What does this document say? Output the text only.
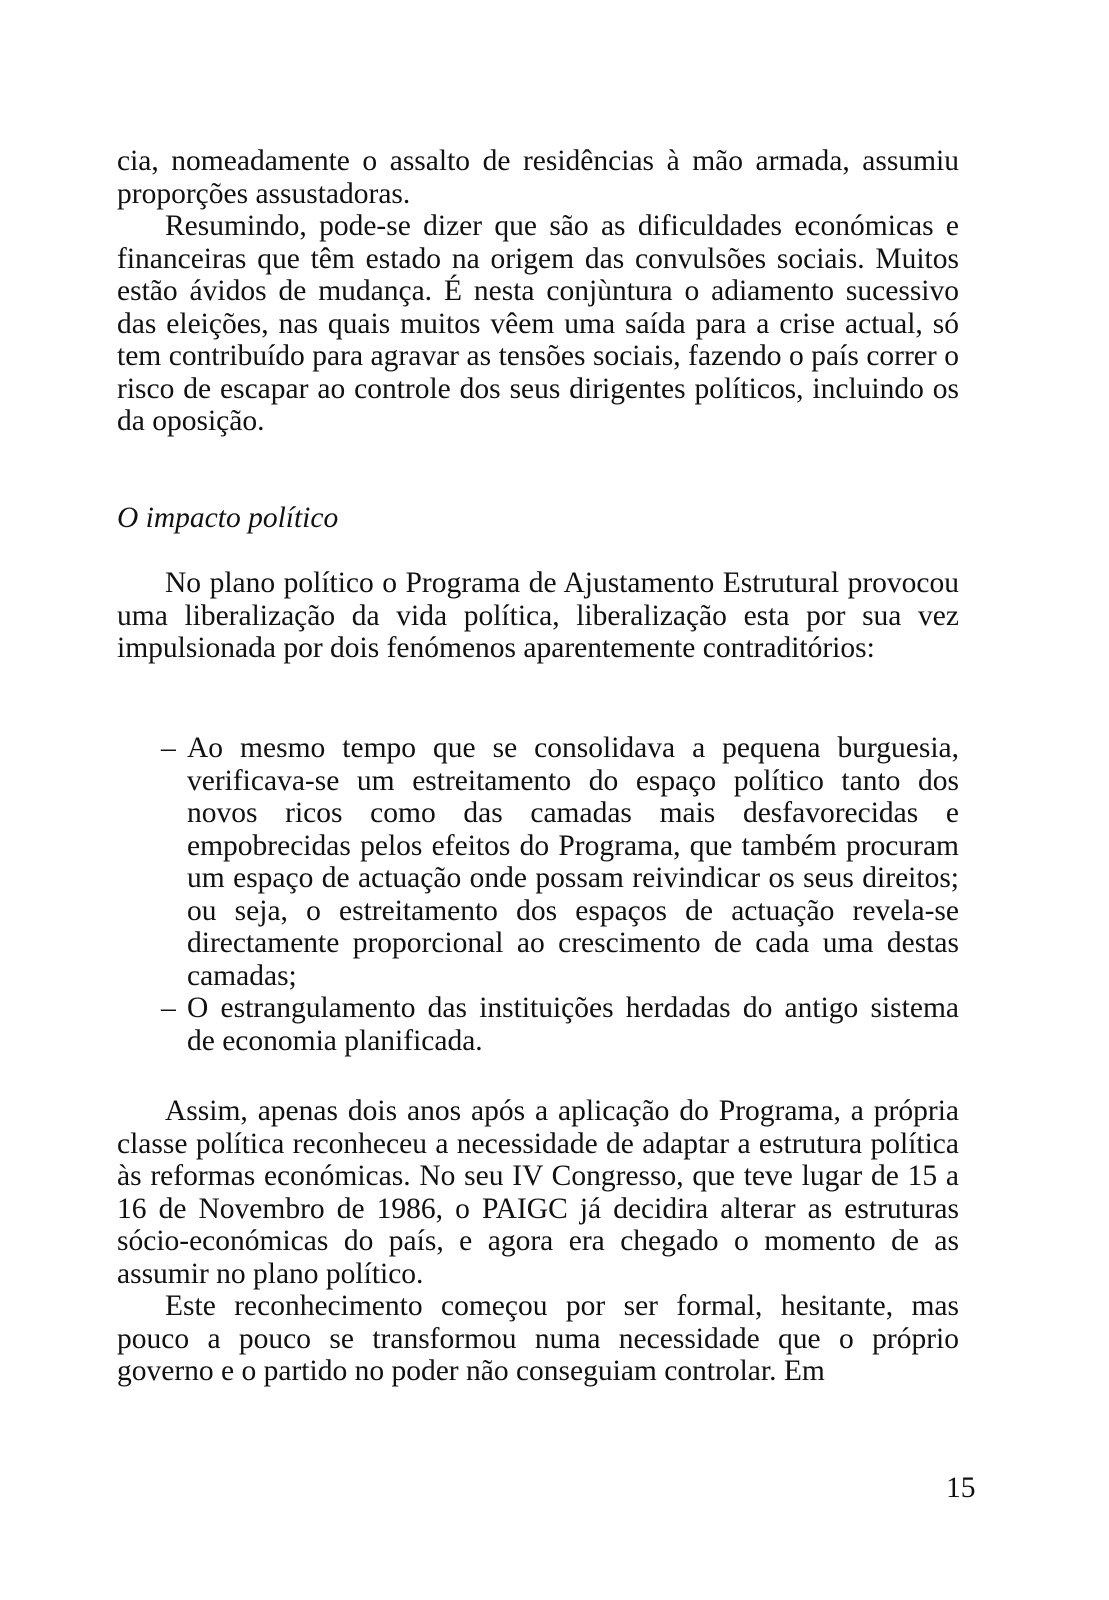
cia, nomeadamente o assalto de residências à mão armada, assumiu proporções assustadoras.

Resumindo, pode-se dizer que são as dificuldades económicas e financeiras que têm estado na origem das convulsões sociais. Muitos estão ávidos de mudança. É nesta conjùntura o adiamento sucessivo das eleições, nas quais muitos vêem uma saída para a crise actual, só tem contribuído para agravar as tensões sociais, fazendo o país correr o risco de escapar ao controle dos seus dirigentes políticos, incluindo os da oposição.

O impacto político

No plano político o Programa de Ajustamento Estrutural provocou uma liberalização da vida política, liberalização esta por sua vez impulsionada por dois fenómenos aparentemente contraditórios:

– Ao mesmo tempo que se consolidava a pequena burguesia, verificava-se um estreitamento do espaço político tanto dos novos ricos como das camadas mais desfavorecidas e empobrecidas pelos efeitos do Programa, que também procuram um espaço de actuação onde possam reivindicar os seus direitos; ou seja, o estreitamento dos espaços de actuação revela-se directamente proporcional ao crescimento de cada uma destas camadas;
– O estrangulamento das instituições herdadas do antigo sistema de economia planificada.

Assim, apenas dois anos após a aplicação do Programa, a própria classe política reconheceu a necessidade de adaptar a estrutura política às reformas económicas. No seu IV Congresso, que teve lugar de 15 a 16 de Novembro de 1986, o PAIGC já decidira alterar as estruturas sócio-económicas do país, e agora era chegado o momento de as assumir no plano político.

Este reconhecimento começou por ser formal, hesitante, mas pouco a pouco se transformou numa necessidade que o próprio governo e o partido no poder não conseguiam controlar. Em

15
